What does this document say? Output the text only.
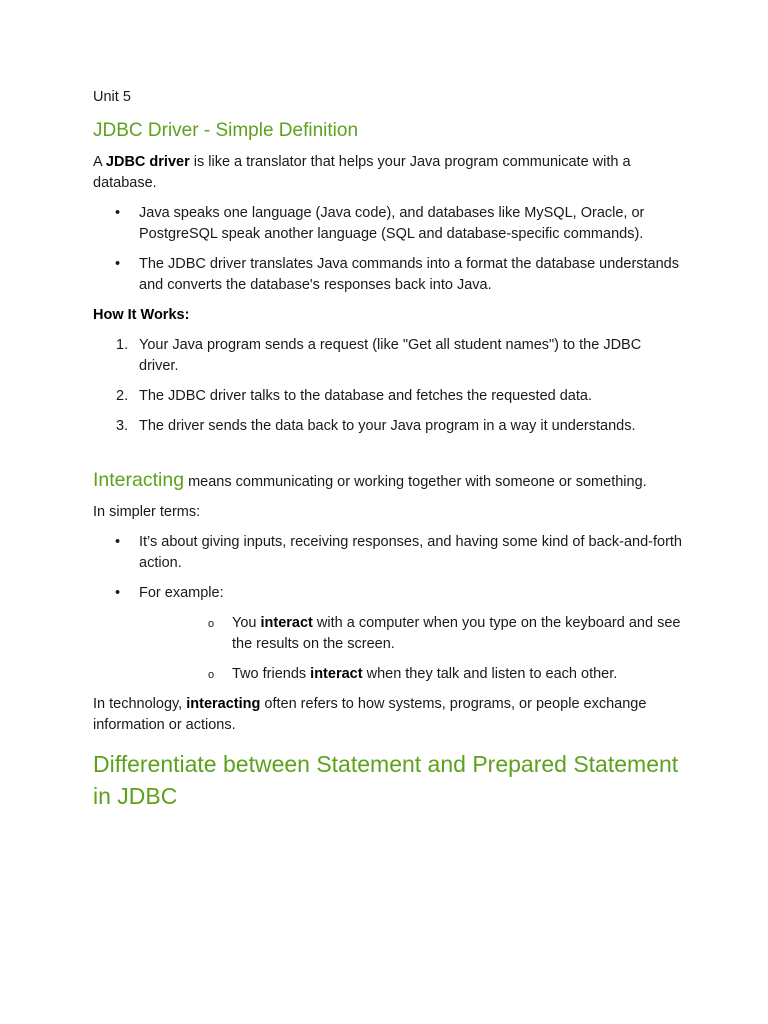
Unit 5

JDBC Driver - Simple Definition

A JDBC driver is like a translator that helps your Java program communicate with a database.

• Java speaks one language (Java code), and databases like MySQL, Oracle, or PostgreSQL speak another language (SQL and database-specific commands).
• The JDBC driver translates Java commands into a format the database understands and converts the database's responses back into Java.

How It Works:

1. Your Java program sends a request (like "Get all student names") to the JDBC driver.
2. The JDBC driver talks to the database and fetches the requested data.
3. The driver sends the data back to your Java program in a way it understands.

Interacting means communicating or working together with someone or something.

In simpler terms:

• It’s about giving inputs, receiving responses, and having some kind of back-and-forth action.
• For example:
o You interact with a computer when you type on the keyboard and see the results on the screen.
o Two friends interact when they talk and listen to each other.

In technology, interacting often refers to how systems, programs, or people exchange information or actions.

Differentiate between Statement and Prepared Statement in JDBC
